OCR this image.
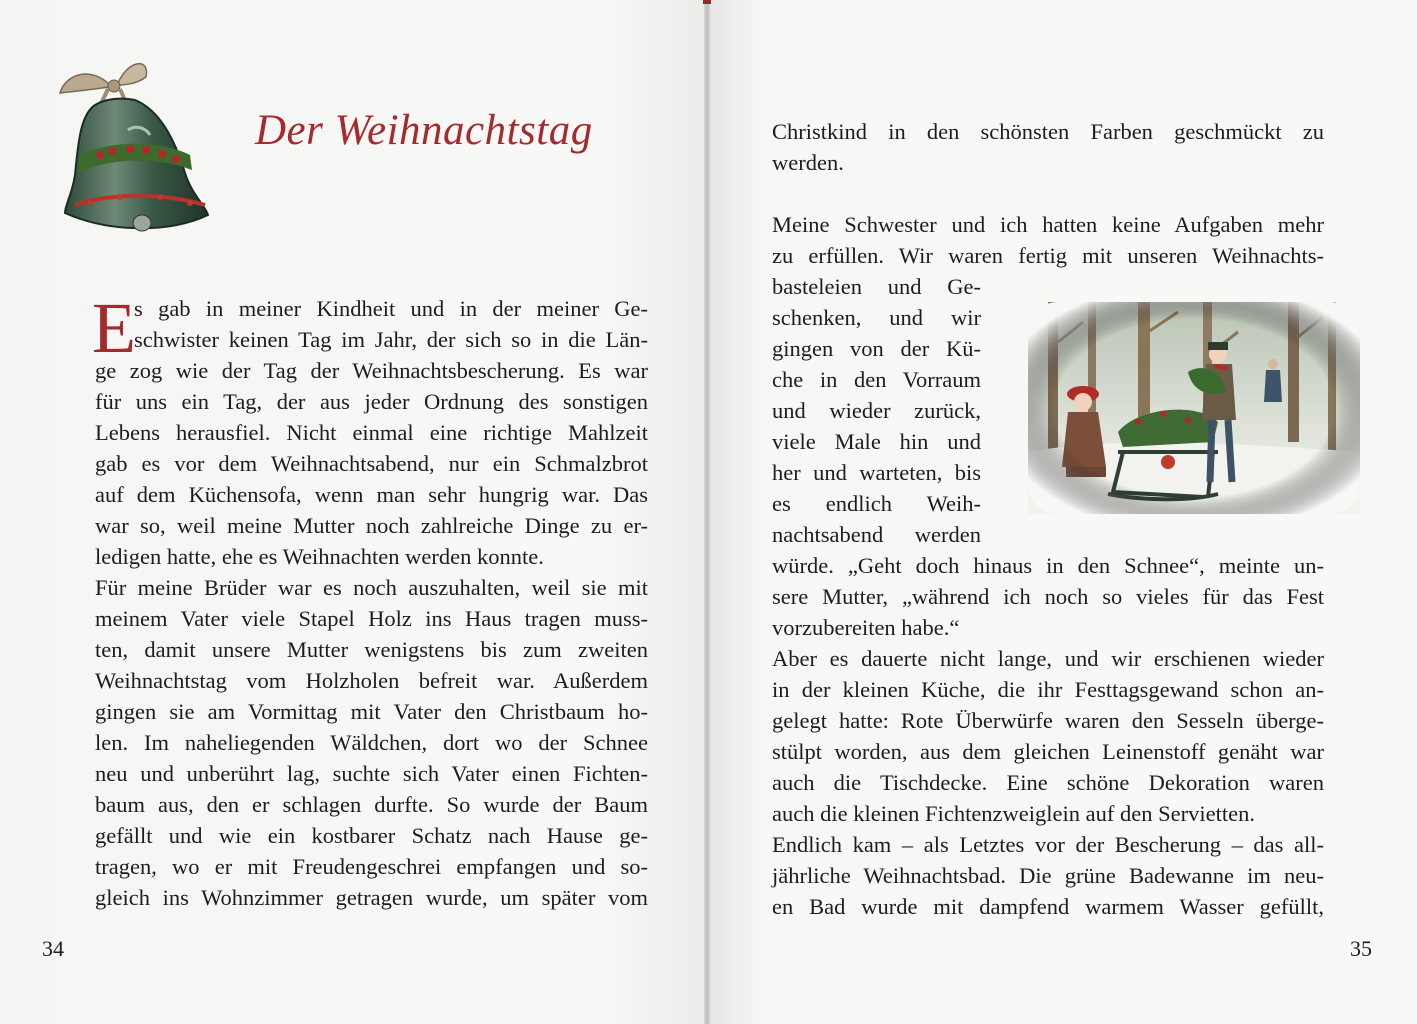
Der Weihnachtstag
E

s gab in meiner Kindheit und in der meiner Ge-

schwister keinen Tag im Jahr, der sich so in die Län-

ge zog wie der Tag der Weihnachtsbescherung. Es war

für uns ein Tag, der aus jeder Ordnung des sonstigen

Lebens herausfiel. Nicht einmal eine richtige Mahlzeit

gab es vor dem Weihnachtsabend, nur ein Schmalzbrot

auf dem Küchensofa, wenn man sehr hungrig war. Das

war so, weil meine Mutter noch zahlreiche Dinge zu er-

ledigen hatte, ehe es Weihnachten werden konnte.

Für meine Brüder war es noch auszuhalten, weil sie mit

meinem Vater viele Stapel Holz ins Haus tragen muss-

ten, damit unsere Mutter wenigstens bis zum zweiten

Weihnachtstag vom Holzholen befreit war. Außerdem

gingen sie am Vormittag mit Vater den Christbaum ho-

len. Im naheliegenden Wäldchen, dort wo der Schnee

neu und unberührt lag, suchte sich Vater einen Fichten-

baum aus, den er schlagen durfte. So wurde der Baum

gefällt und wie ein kostbarer Schatz nach Hause ge-

tragen, wo er mit Freudengeschrei empfangen und so-

gleich ins Wohnzimmer getragen wurde, um später vom

34

Christkind in den schönsten Farben geschmückt zu

werden.

Meine Schwester und ich hatten keine Aufgaben mehr

zu erfüllen. Wir waren fertig mit unseren Weihnachts-

basteleien und Ge-

schenken, und wir

gingen von der Kü-

che in den Vorraum

und wieder zurück,

viele Male hin und

her und warteten, bis

es endlich Weih-

nachtsabend werden

würde. „Geht doch hinaus in den Schnee“, meinte un-

sere Mutter, „während ich noch so vieles für das Fest

vorzubereiten habe.“

Aber es dauerte nicht lange, und wir erschienen wieder

in der kleinen Küche, die ihr Festtagsgewand schon an-

gelegt hatte: Rote Überwürfe waren den Sesseln überge-

stülpt worden, aus dem gleichen Leinenstoff genäht war

auch die Tischdecke. Eine schöne Dekoration waren

auch die kleinen Fichtenzweiglein auf den Servietten.

Endlich kam – als Letztes vor der Bescherung – das all-

jährliche Weihnachtsbad. Die grüne Badewanne im neu-

en Bad wurde mit dampfend warmem Wasser gefüllt,

35
